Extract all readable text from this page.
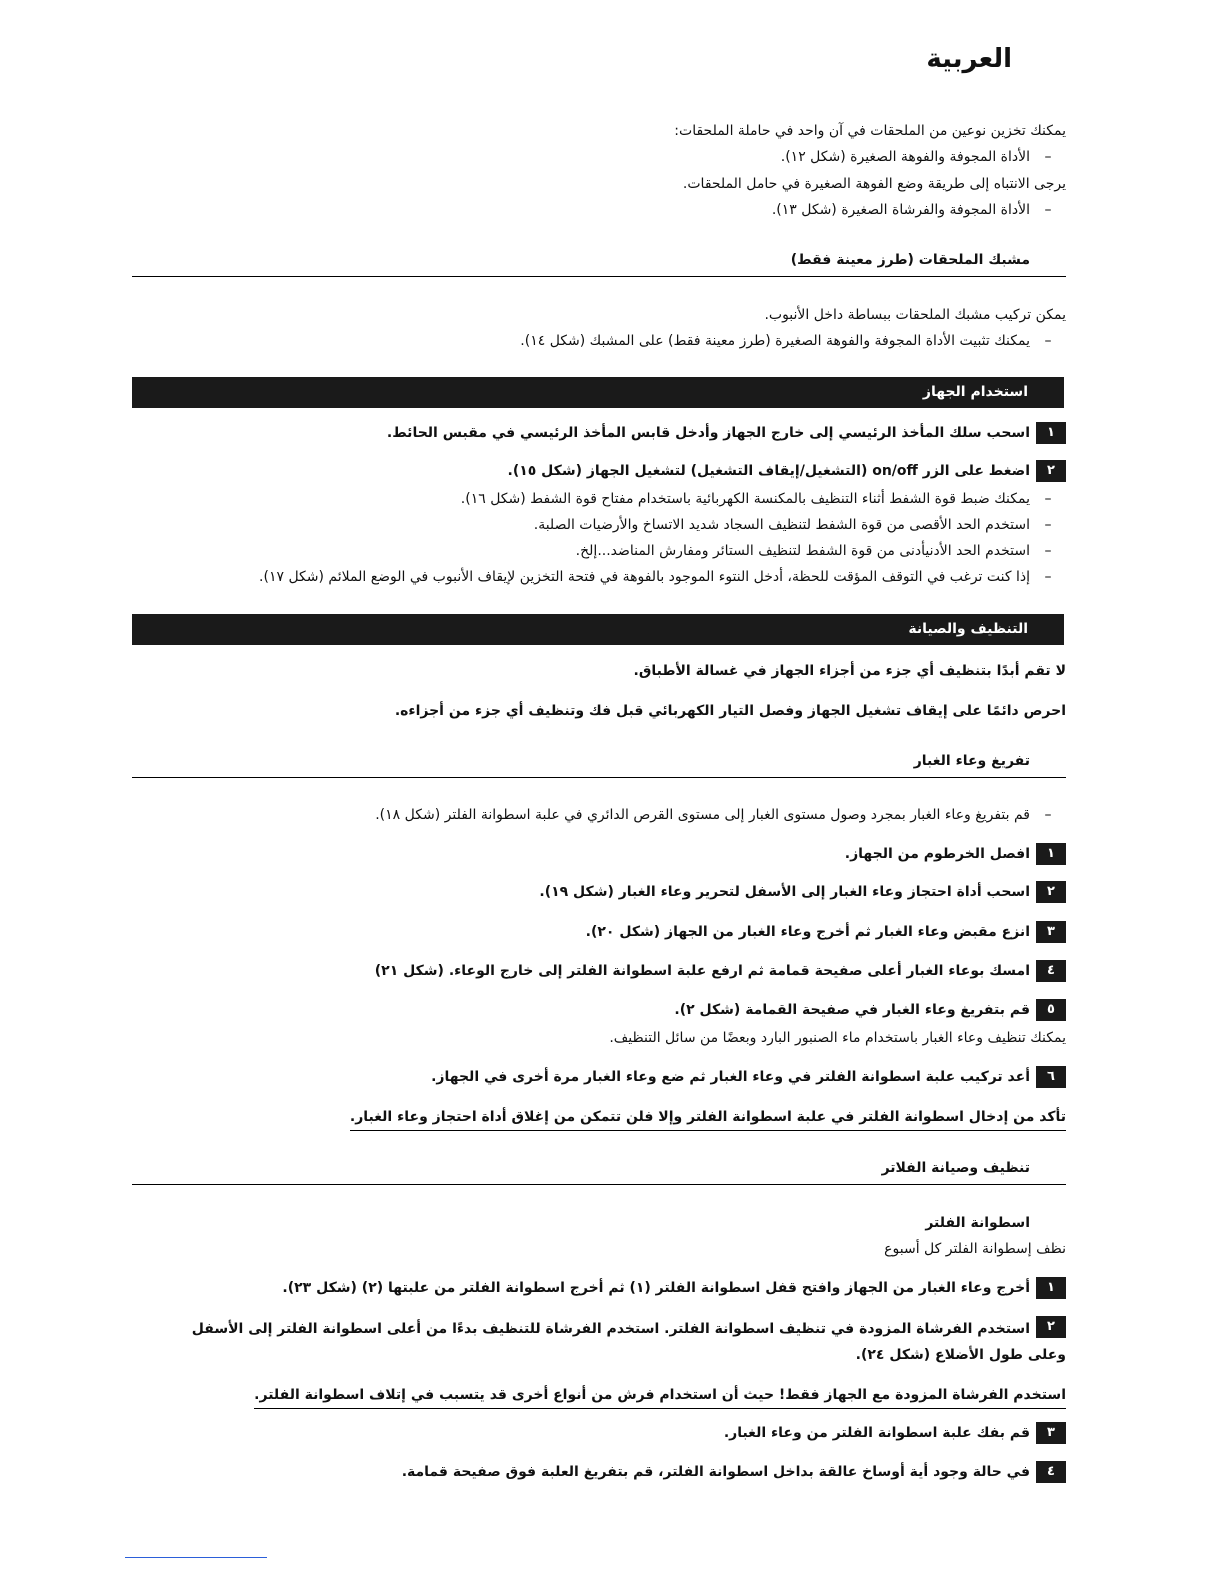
العربية
يمكنك تخزين نوعين من الملحقات في آن واحد في حاملة الملحقات:
–الأداة المجوفة والفوهة الصغيرة (شكل ١٢).
يرجى الانتباه إلى طريقة وضع الفوهة الصغيرة في حامل الملحقات.
–الأداة المجوفة والفرشاة الصغيرة (شكل ١٣).
مشبك الملحقات (طرز معينة فقط)
يمكن تركيب مشبك الملحقات ببساطة داخل الأنبوب.
–يمكنك تثبيت الأداة المجوفة والفوهة الصغيرة (طرز معينة فقط) على المشبك (شكل ١٤).
استخدام الجهاز
١اسحب سلك المأخذ الرئيسي إلى خارج الجهاز وأدخل قابس المأخذ الرئيسي في مقبس الحائط.
٢اضغط على الزر on/off (التشغيل/إيقاف التشغيل) لتشغيل الجهاز (شكل ١٥).
–يمكنك ضبط قوة الشفط أثناء التنظيف بالمكنسة الكهربائية باستخدام مفتاح قوة الشفط (شكل ١٦).
–استخدم الحد الأقصى من قوة الشفط لتنظيف السجاد شديد الاتساخ والأرضيات الصلبة.
–استخدم الحد الأدنيأدنى من قوة الشفط لتنظيف الستائر ومفارش المناضد...إلخ.
–إذا كنت ترغب في التوقف المؤقت للحظة، أدخل النتوء الموجود بالفوهة في فتحة التخزين لإيقاف الأنبوب في الوضع الملائم (شكل ١٧).
التنظيف والصيانة
لا تقم أبدًا بتنظيف أي جزء من أجزاء الجهاز في غسالة الأطباق.
احرص دائمًا على إيقاف تشغيل الجهاز وفصل التيار الكهربائي قبل فك وتنظيف أي جزء من أجزاءه.
تفريغ وعاء الغبار
–قم بتفريغ وعاء الغبار بمجرد وصول مستوى الغبار إلى مستوى القرص الدائري في علبة اسطوانة الفلتر (شكل ١٨).
١افصل الخرطوم من الجهاز.
٢اسحب أداة احتجاز وعاء الغبار إلى الأسفل لتحرير وعاء الغبار (شكل ١٩).
٣انزع مقبض وعاء الغبار ثم أخرج وعاء الغبار من الجهاز (شكل ٢٠).
٤امسك بوعاء الغبار أعلى صفيحة قمامة ثم ارفع علبة اسطوانة الفلتر إلى خارج الوعاء. (شكل ٢١)
٥قم بتفريغ وعاء الغبار في صفيحة القمامة (شكل ٢).
يمكنك تنظيف وعاء الغبار باستخدام ماء الصنبور البارد وبعضًا من سائل التنظيف.
٦أعد تركيب علبة اسطوانة الفلتر في وعاء الغبار ثم ضع وعاء الغبار مرة أخرى في الجهاز.
تأكد من إدخال اسطوانة الفلتر في علبة اسطوانة الفلتر وإلا فلن تتمكن من إغلاق أداة احتجاز وعاء الغبار.
تنظيف وصيانة الفلاتر
اسطوانة الفلتر
نظف إسطوانة الفلتر كل أسبوع
١أخرج وعاء الغبار من الجهاز وافتح قفل اسطوانة الفلتر (١) ثم أخرج اسطوانة الفلتر من علبتها (٢) (شكل ٢٣).
٢استخدم الفرشاة المزودة في تنظيف اسطوانة الفلتر. استخدم الفرشاة للتنظيف بدءًا من أعلى اسطوانة الفلتر إلى الأسفل وعلى طول الأضلاع (شكل ٢٤).
استخدم الفرشاة المزودة مع الجهاز فقط! حيث أن استخدام فرش من أنواع أخرى قد يتسبب في إتلاف اسطوانة الفلتر.
٣قم بفك علبة اسطوانة الفلتر من وعاء الغبار.
٤في حالة وجود أية أوساخ عالقة بداخل اسطوانة الفلتر، قم بتفريغ العلبة فوق صفيحة قمامة.
